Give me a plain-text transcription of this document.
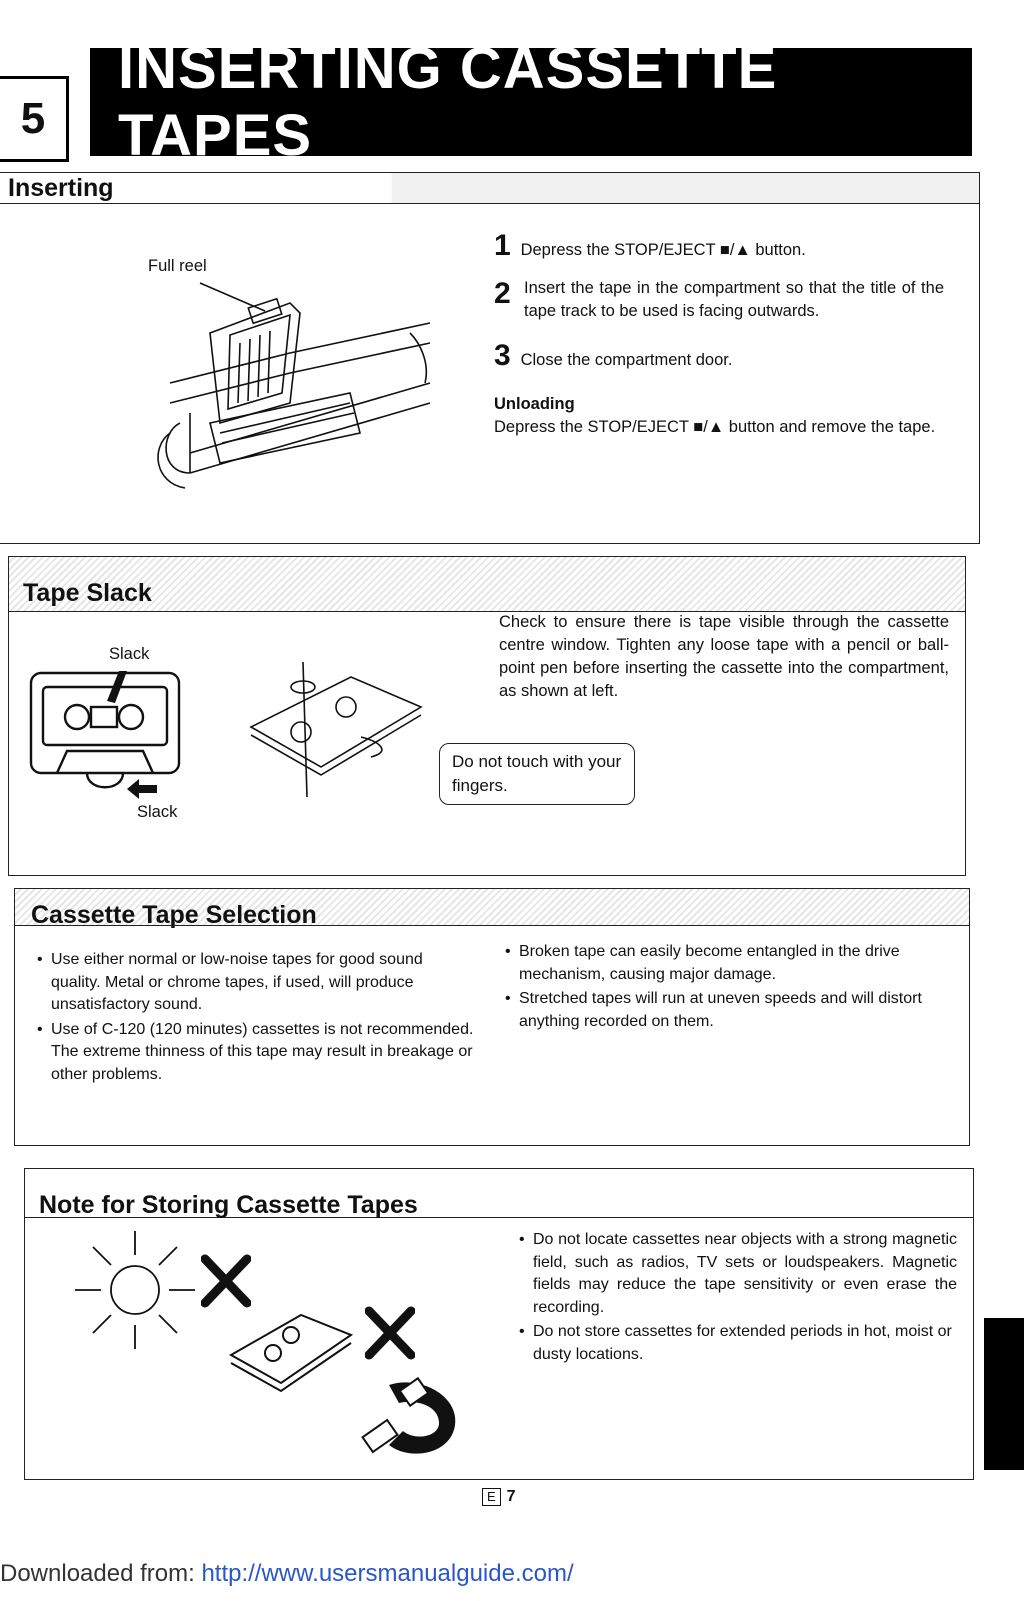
5
INSERTING CASSETTE TAPES
Inserting
Full reel
1 Depress the STOP/EJECT ■/▲ button.
2 Insert the tape in the compartment so that the title of the tape track to be used is facing outwards.
3 Close the compartment door.
Unloading
Depress the STOP/EJECT ■/▲ button and remove the tape.
Tape Slack
Slack
Slack
Do not touch with your fingers.
Check to ensure there is tape visible through the cassette centre window. Tighten any loose tape with a pencil or ball-point pen before inserting the cassette into the compartment, as shown at left.
Cassette Tape Selection
• Use either normal or low-noise tapes for good sound quality. Metal or chrome tapes, if used, will produce unsatisfactory sound.
• Use of C-120 (120 minutes) cassettes is not recommended. The extreme thinness of this tape may result in breakage or other problems.
• Broken tape can easily become entangled in the drive mechanism, causing major damage.
• Stretched tapes will run at uneven speeds and will distort anything recorded on them.
Note for Storing Cassette Tapes
• Do not locate cassettes near objects with a strong magnetic field, such as radios, TV sets or loudspeakers. Magnetic fields may reduce the tape sensitivity or even erase the recording.
• Do not store cassettes for extended periods in hot, moist or dusty locations.
E 7
Downloaded from: http://www.usersmanualguide.com/
